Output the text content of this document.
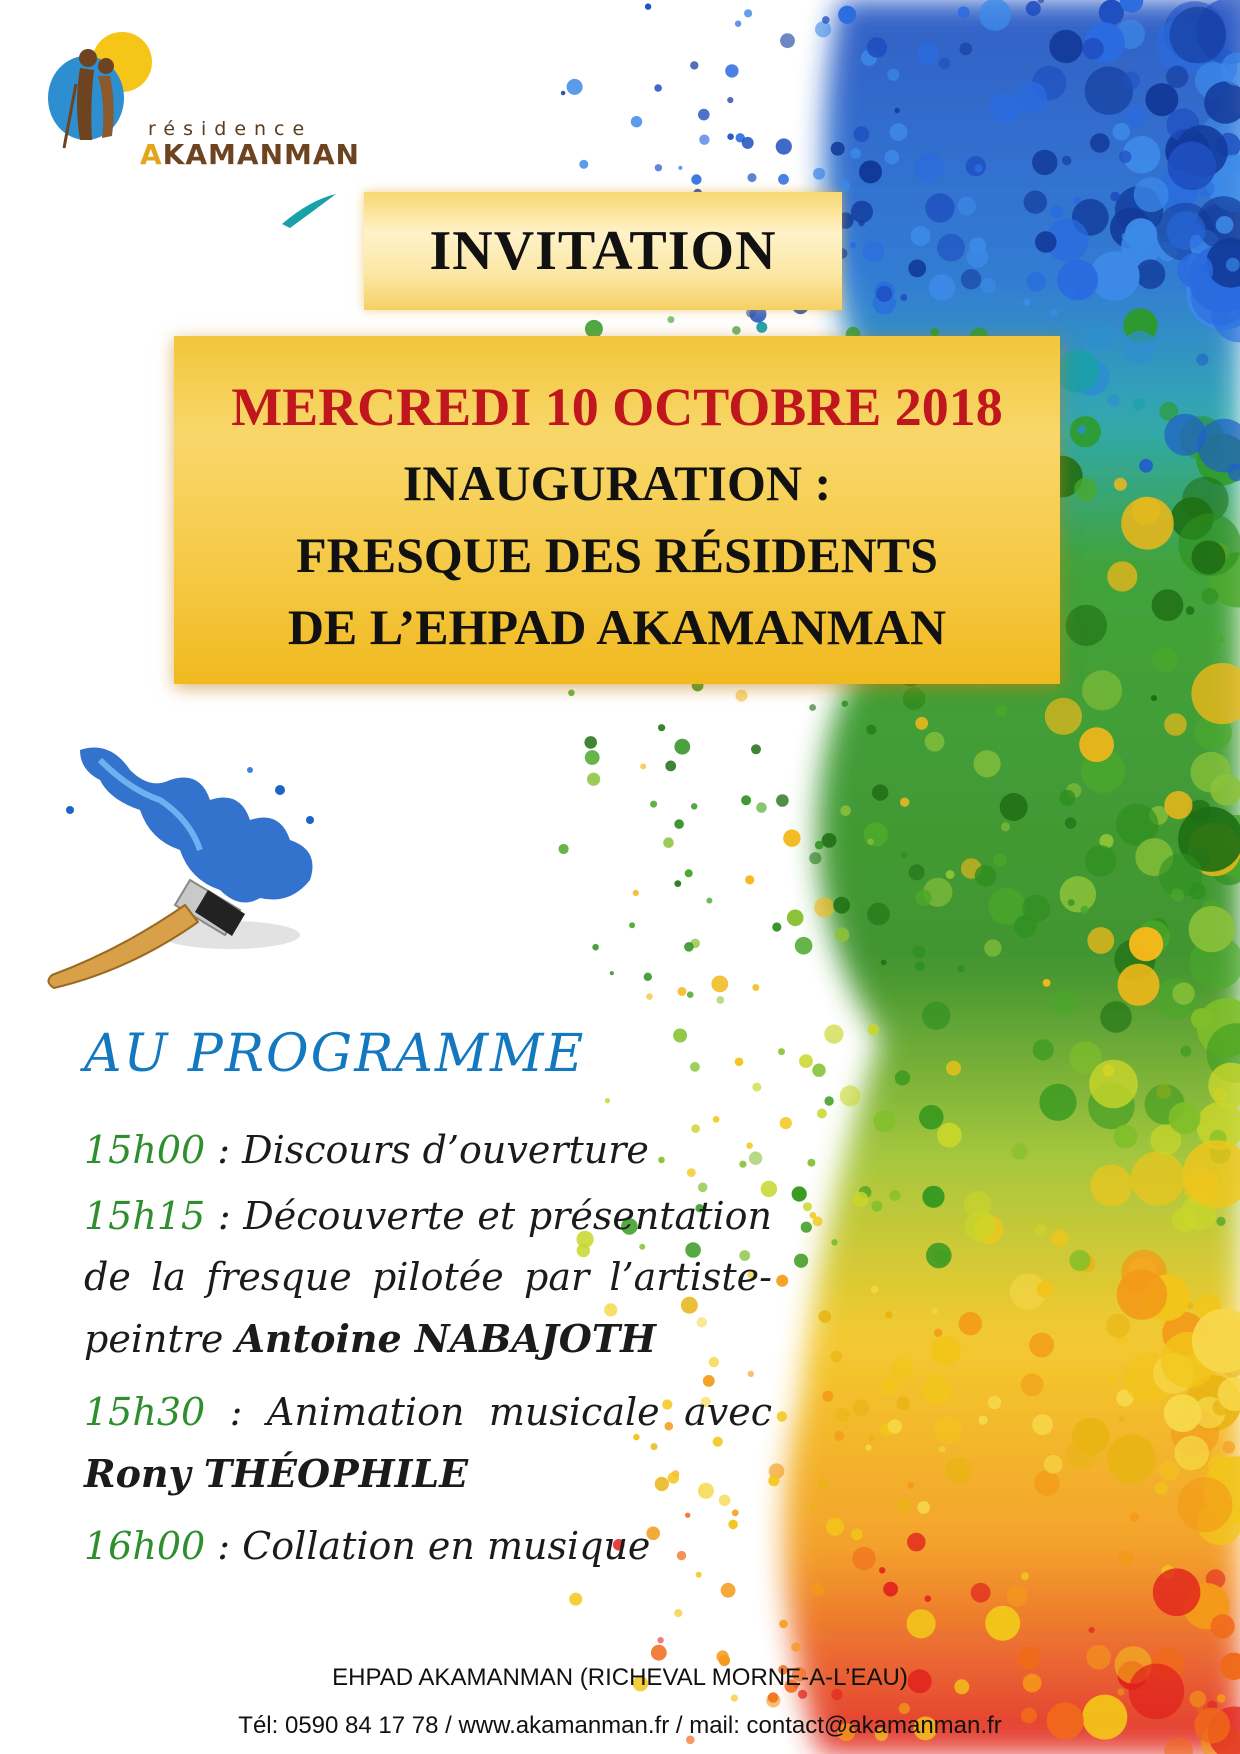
résidence
AKAMANMAN
INVITATION
MERCREDI 10 OCTOBRE 2018
INAUGURATION :
FRESQUE DES RÉSIDENTS
DE L’EHPAD AKAMANMAN
AU PROGRAMME
15h00 : Discours d’ouverture
15h15 : Découverte et présentation de la fresque pilotée par l’artiste-peintre Antoine NABAJOTH
15h30 : Animation musicale avec Rony THÉOPHILE
16h00 : Collation en musique
EHPAD AKAMANMAN (RICHEVAL MORNE-A-L’EAU)
Tél: 0590 84 17 78 / www.akamanman.fr / mail: contact@akamanman.fr
